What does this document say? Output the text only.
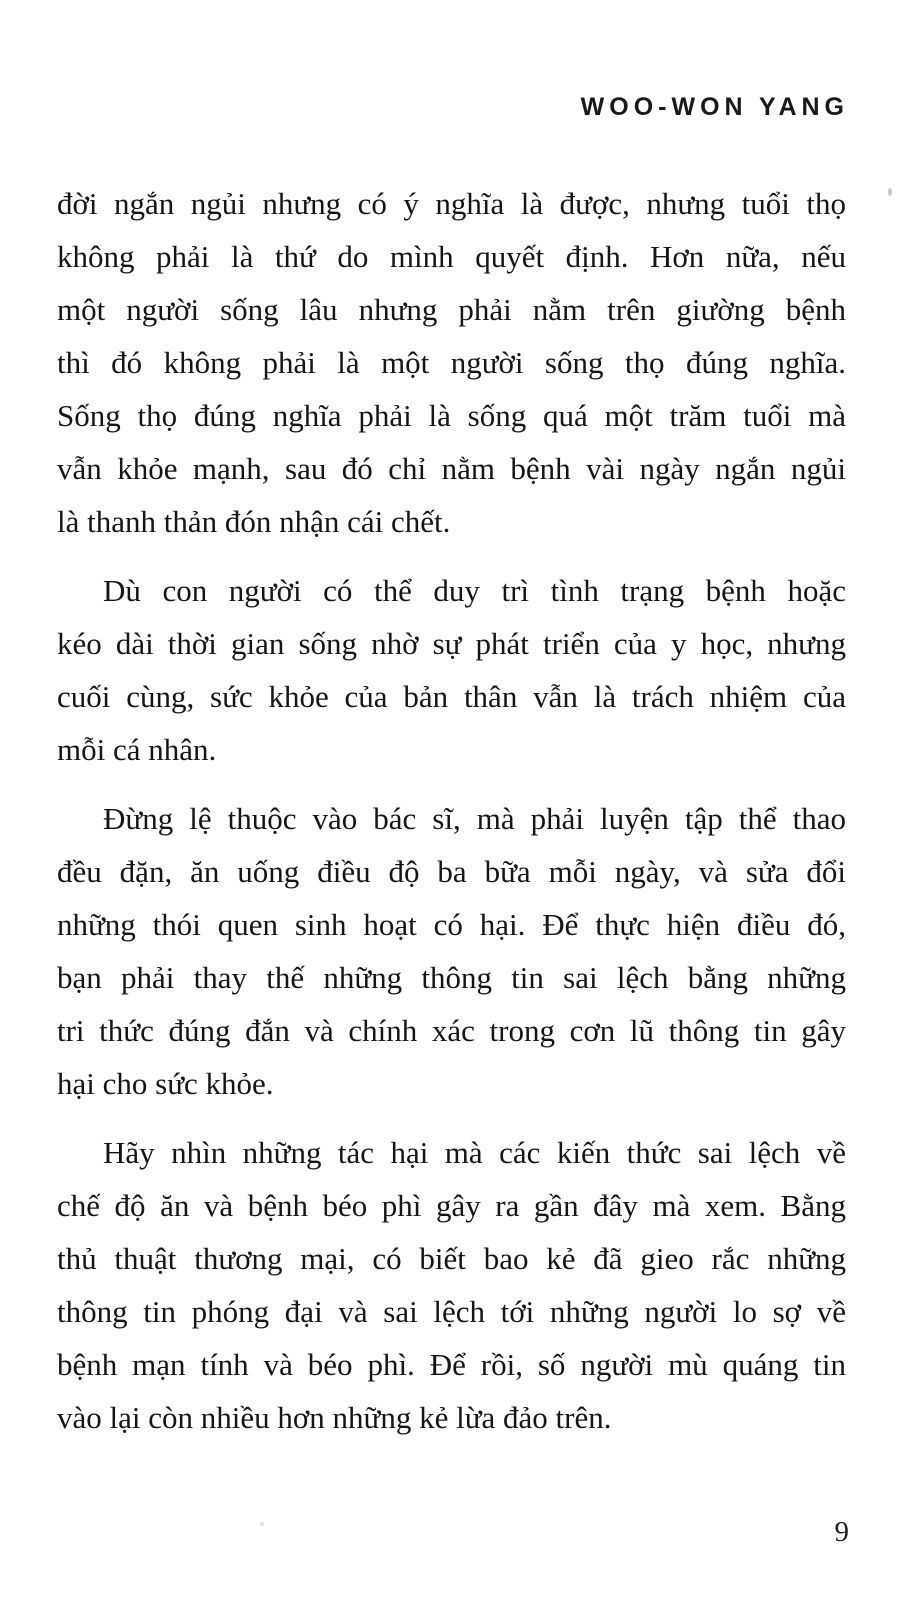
WOO-WON YANG
đời ngắn ngủi nhưng có ý nghĩa là được, nhưng tuổi thọ
không phải là thứ do mình quyết định. Hơn nữa, nếu
một người sống lâu nhưng phải nằm trên giường bệnh
thì đó không phải là một người sống thọ đúng nghĩa.
Sống thọ đúng nghĩa phải là sống quá một trăm tuổi mà
vẫn khỏe mạnh, sau đó chỉ nằm bệnh vài ngày ngắn ngủi
là thanh thản đón nhận cái chết.
Dù con người có thể duy trì tình trạng bệnh hoặc
kéo dài thời gian sống nhờ sự phát triển của y học, nhưng
cuối cùng, sức khỏe của bản thân vẫn là trách nhiệm của
mỗi cá nhân.
Đừng lệ thuộc vào bác sĩ, mà phải luyện tập thể thao
đều đặn, ăn uống điều độ ba bữa mỗi ngày, và sửa đổi
những thói quen sinh hoạt có hại. Để thực hiện điều đó,
bạn phải thay thế những thông tin sai lệch bằng những
tri thức đúng đắn và chính xác trong cơn lũ thông tin gây
hại cho sức khỏe.
Hãy nhìn những tác hại mà các kiến thức sai lệch về
chế độ ăn và bệnh béo phì gây ra gần đây mà xem. Bằng
thủ thuật thương mại, có biết bao kẻ đã gieo rắc những
thông tin phóng đại và sai lệch tới những người lo sợ về
bệnh mạn tính và béo phì. Để rồi, số người mù quáng tin
vào lại còn nhiều hơn những kẻ lừa đảo trên.
9
